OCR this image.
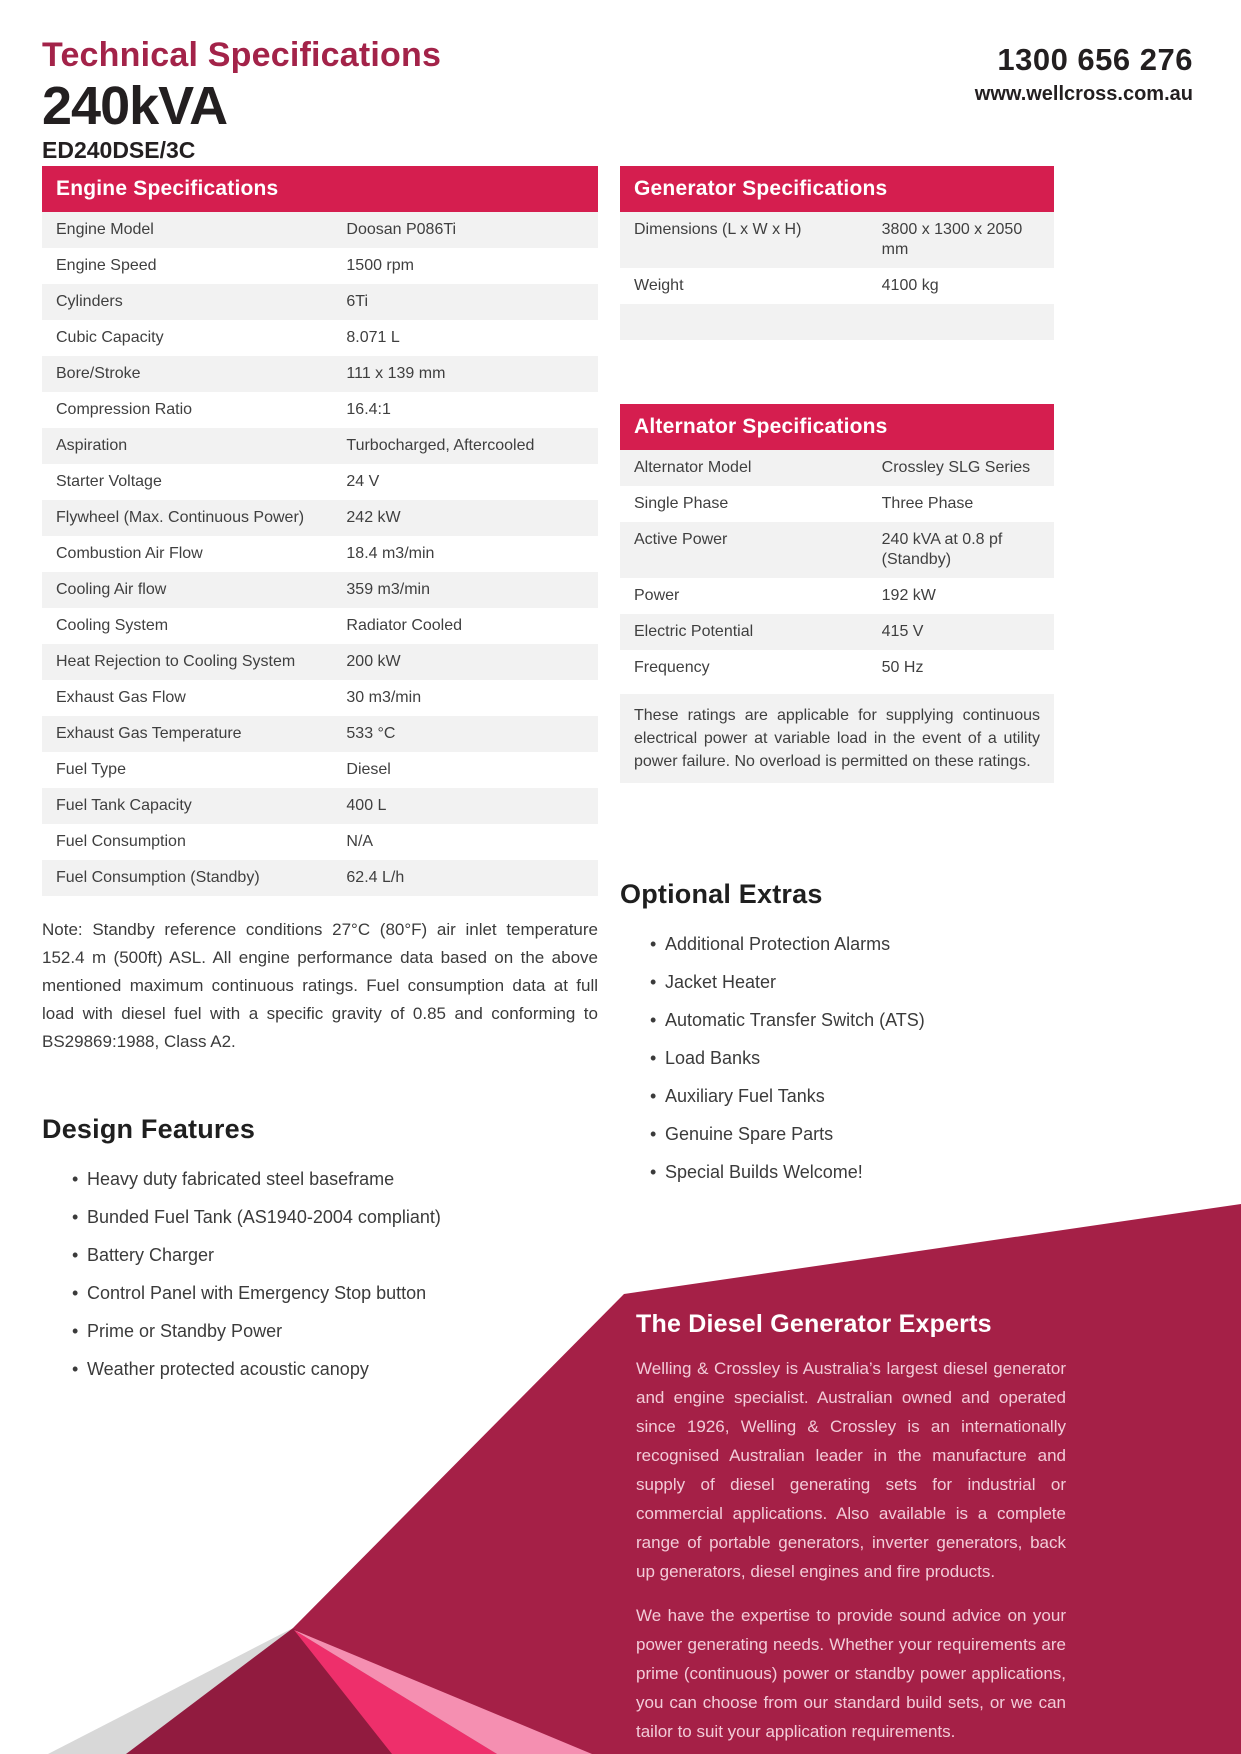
Technical Specifications
240kVA
ED240DSE/3C
1300 656 276
www.wellcross.com.au
Engine Specifications
Engine Model	Doosan P086Ti
Engine Speed	1500 rpm
Cylinders	6Ti
Cubic Capacity	8.071 L
Bore/Stroke	111 x 139 mm
Compression Ratio	16.4:1
Aspiration	Turbocharged, Aftercooled
Starter Voltage	24 V
Flywheel (Max. Continuous Power)	242 kW
Combustion Air Flow	18.4 m3/min
Cooling Air flow	359 m3/min
Cooling System	Radiator Cooled
Heat Rejection to Cooling System	200 kW
Exhaust Gas Flow	30 m3/min
Exhaust Gas Temperature	533 °C
Fuel Type	Diesel
Fuel Tank Capacity	400 L
Fuel Consumption	N/A
Fuel Consumption (Standby)	62.4 L/h
Note: Standby reference conditions 27°C (80°F) air inlet temperature 152.4 m (500ft) ASL. All engine performance data based on the above mentioned maximum continuous ratings. Fuel consumption data at full load with diesel fuel with a specific gravity of 0.85 and conforming to BS29869:1988, Class A2.
Design Features
• Heavy duty fabricated steel baseframe
• Bunded Fuel Tank (AS1940-2004 compliant)
• Battery Charger
• Control Panel with Emergency Stop button
• Prime or Standby Power
• Weather protected acoustic canopy
Generator Specifications
Dimensions (L x W x H)	3800 x 1300 x 2050 mm
Weight	4100 kg
Alternator Specifications
Alternator Model	Crossley SLG Series
Single Phase	Three Phase
Active Power	240 kVA at 0.8 pf (Standby)
Power	192 kW
Electric Potential	415 V
Frequency	50 Hz
These ratings are applicable for supplying continuous electrical power at variable load in the event of a utility power failure. No overload is permitted on these ratings.
Optional Extras
• Additional Protection Alarms
• Jacket Heater
• Automatic Transfer Switch (ATS)
• Load Banks
• Auxiliary Fuel Tanks
• Genuine Spare Parts
• Special Builds Welcome!
The Diesel Generator Experts

Welling & Crossley is Australia’s largest diesel generator and engine specialist. Australian owned and operated since 1926, Welling & Crossley is an internationally recognised Australian leader in the manufacture and supply of diesel generating sets for industrial or commercial applications. Also available is a complete range of portable generators, inverter generators, back up generators, diesel engines and fire products.

We have the expertise to provide sound advice on your power generating needs. Whether your requirements are prime (continuous) power or standby power applications, you can choose from our standard build sets, or we can tailor to suit your application requirements.
